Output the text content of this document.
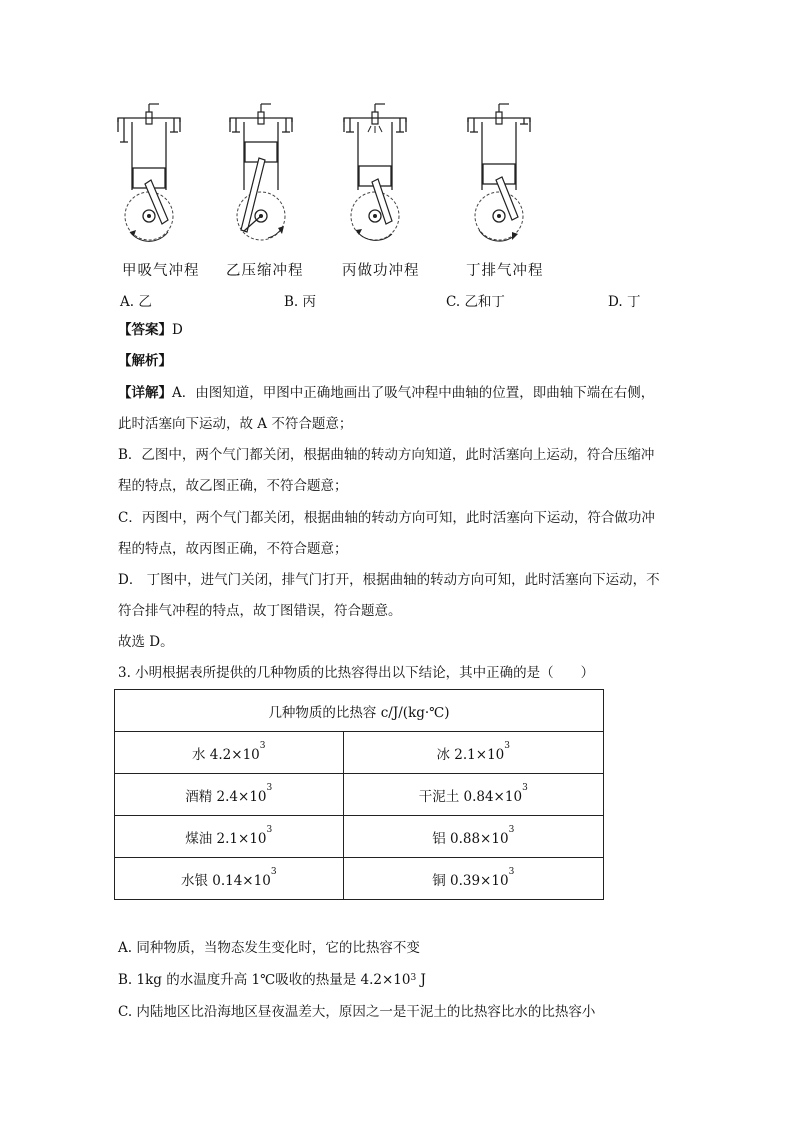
甲吸气冲程 乙压缩冲程	丙做功冲程	丁排气冲程
A. 乙	B. 丙	C. 乙和丁	D. 丁
【答案】D
【解析】
【详解】A．由图知道，甲图中正确地画出了吸气冲程中曲轴的位置，即曲轴下端在右侧，
此时活塞向下运动，故 A 不符合题意；
B．乙图中，两个气门都关闭，根据曲轴的转动方向知道，此时活塞向上运动，符合压缩冲
程的特点，故乙图正确，不符合题意；
C．丙图中，两个气门都关闭，根据曲轴的转动方向可知，此时活塞向下运动，符合做功冲
程的特点，故丙图正确，不符合题意；
D． 丁图中，进气门关闭，排气门打开，根据曲轴的转动方向可知，此时活塞向下运动，不
符合排气冲程的特点，故丁图错误，符合题意。
故选 D。
3. 小明根据表所提供的几种物质的比热容得出以下结论，其中正确的是（　　）
几种物质的比热容 c/J/(kg·℃)	
水 $4.2\times 10^3$	冰 $2.1\times 10^3$
酒精 $2.4\times 10^3$	干泥土 $0.84\times 10^3$
煤油 $2.1\times 10^3$	铝 $0.88\times 10^3$
水银 $0.14\times 10^3$	铜 $0.39\times 10^3$
A. 同种物质，当物态发生变化时，它的比热容不变
B. 1kg 的水温度升高 1℃吸收的热量是 $4.2\times 10^3$ J
C. 内陆地区比沿海地区昼夜温差大，原因之一是干泥土的比热容比水的比热容小
